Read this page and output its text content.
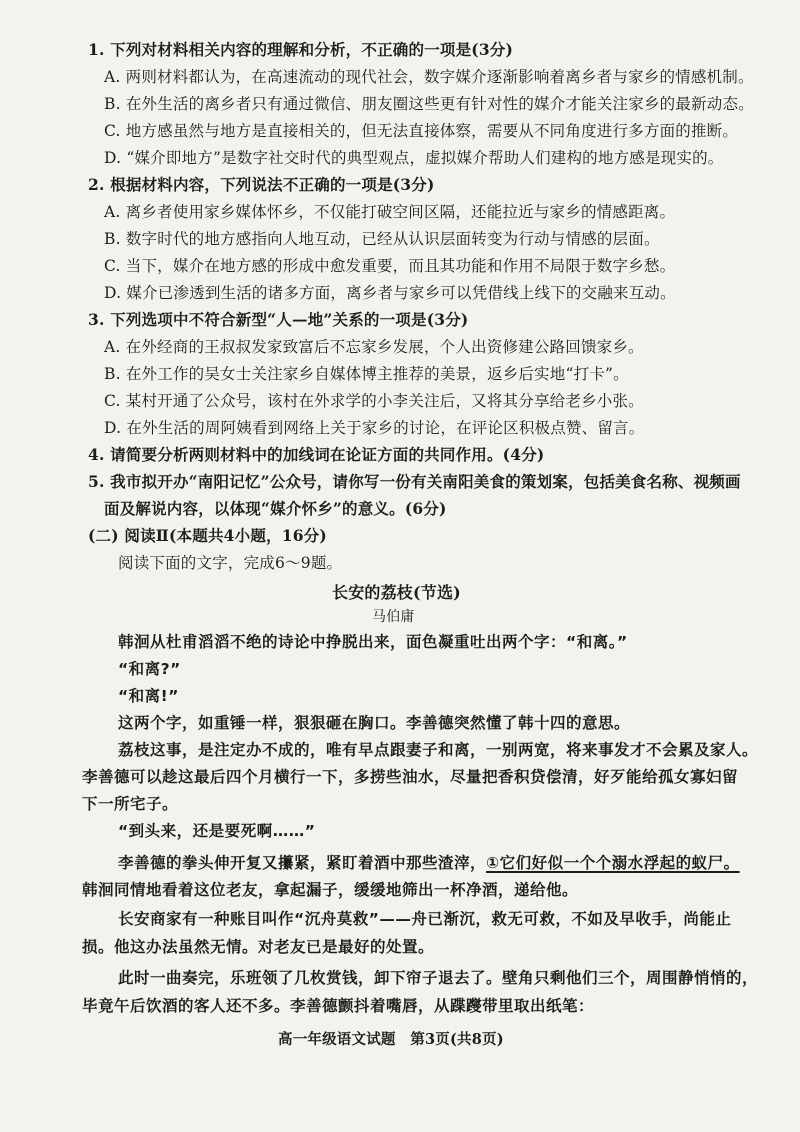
1. 下列对材料相关内容的理解和分析，不正确的一项是(3分)
A. 两则材料都认为，在高速流动的现代社会，数字媒介逐渐影响着离乡者与家乡的情感机制。
B. 在外生活的离乡者只有通过微信、朋友圈这些更有针对性的媒介才能关注家乡的最新动态。
C. 地方感虽然与地方是直接相关的，但无法直接体察，需要从不同角度进行多方面的推断。
D. “媒介即地方”是数字社交时代的典型观点，虚拟媒介帮助人们建构的地方感是现实的。
2. 根据材料内容，下列说法不正确的一项是(3分)
A. 离乡者使用家乡媒体怀乡，不仅能打破空间区隔，还能拉近与家乡的情感距离。
B. 数字时代的地方感指向人地互动，已经从认识层面转变为行动与情感的层面。
C. 当下，媒介在地方感的形成中愈发重要，而且其功能和作用不局限于数字乡愁。
D. 媒介已渗透到生活的诸多方面，离乡者与家乡可以凭借线上线下的交融来互动。
3. 下列选项中不符合新型“人—地”关系的一项是(3分)
A. 在外经商的王叔叔发家致富后不忘家乡发展，个人出资修建公路回馈家乡。
B. 在外工作的吴女士关注家乡自媒体博主推荐的美景，返乡后实地“打卡”。
C. 某村开通了公众号，该村在外求学的小李关注后，又将其分享给老乡小张。
D. 在外生活的周阿姨看到网络上关于家乡的讨论，在评论区积极点赞、留言。
4. 请简要分析两则材料中的加线词在论证方面的共同作用。(4分)
5. 我市拟开办“南阳记忆”公众号，请你写一份有关南阳美食的策划案，包括美食名称、视频画
面及解说内容，以体现“媒介怀乡”的意义。(6分)
(二) 阅读Ⅱ(本题共4小题，16分)
阅读下面的文字，完成6～9题。
长安的荔枝(节选)
马伯庸
韩洄从杜甫滔滔不绝的诗论中挣脱出来，面色凝重吐出两个字：“和离。”
“和离?”
“和离!”
这两个字，如重锤一样，狠狠砸在胸口。李善德突然懂了韩十四的意思。
荔枝这事，是注定办不成的，唯有早点跟妻子和离，一别两宽，将来事发才不会累及家人。
李善德可以趁这最后四个月横行一下，多捞些油水，尽量把香积贷偿清，好歹能给孤女寡妇留
下一所宅子。
“到头来，还是要死啊……”
李善德的拳头伸开复又攥紧，紧盯着酒中那些渣滓，①它们好似一个个溺水浮起的蚁尸。
韩洄同情地看着这位老友，拿起漏子，缓缓地筛出一杯净酒，递给他。
长安商家有一种账目叫作“沉舟莫救”——舟已渐沉，救无可救，不如及早收手，尚能止
损。他这办法虽然无情。对老友已是最好的处置。
此时一曲奏完，乐班领了几枚赏钱，卸下帘子退去了。壁角只剩他们三个，周围静悄悄的，
毕竟午后饮酒的客人还不多。李善德颤抖着嘴唇，从蹀躞带里取出纸笔：
高一年级语文试题　第3页(共8页)
